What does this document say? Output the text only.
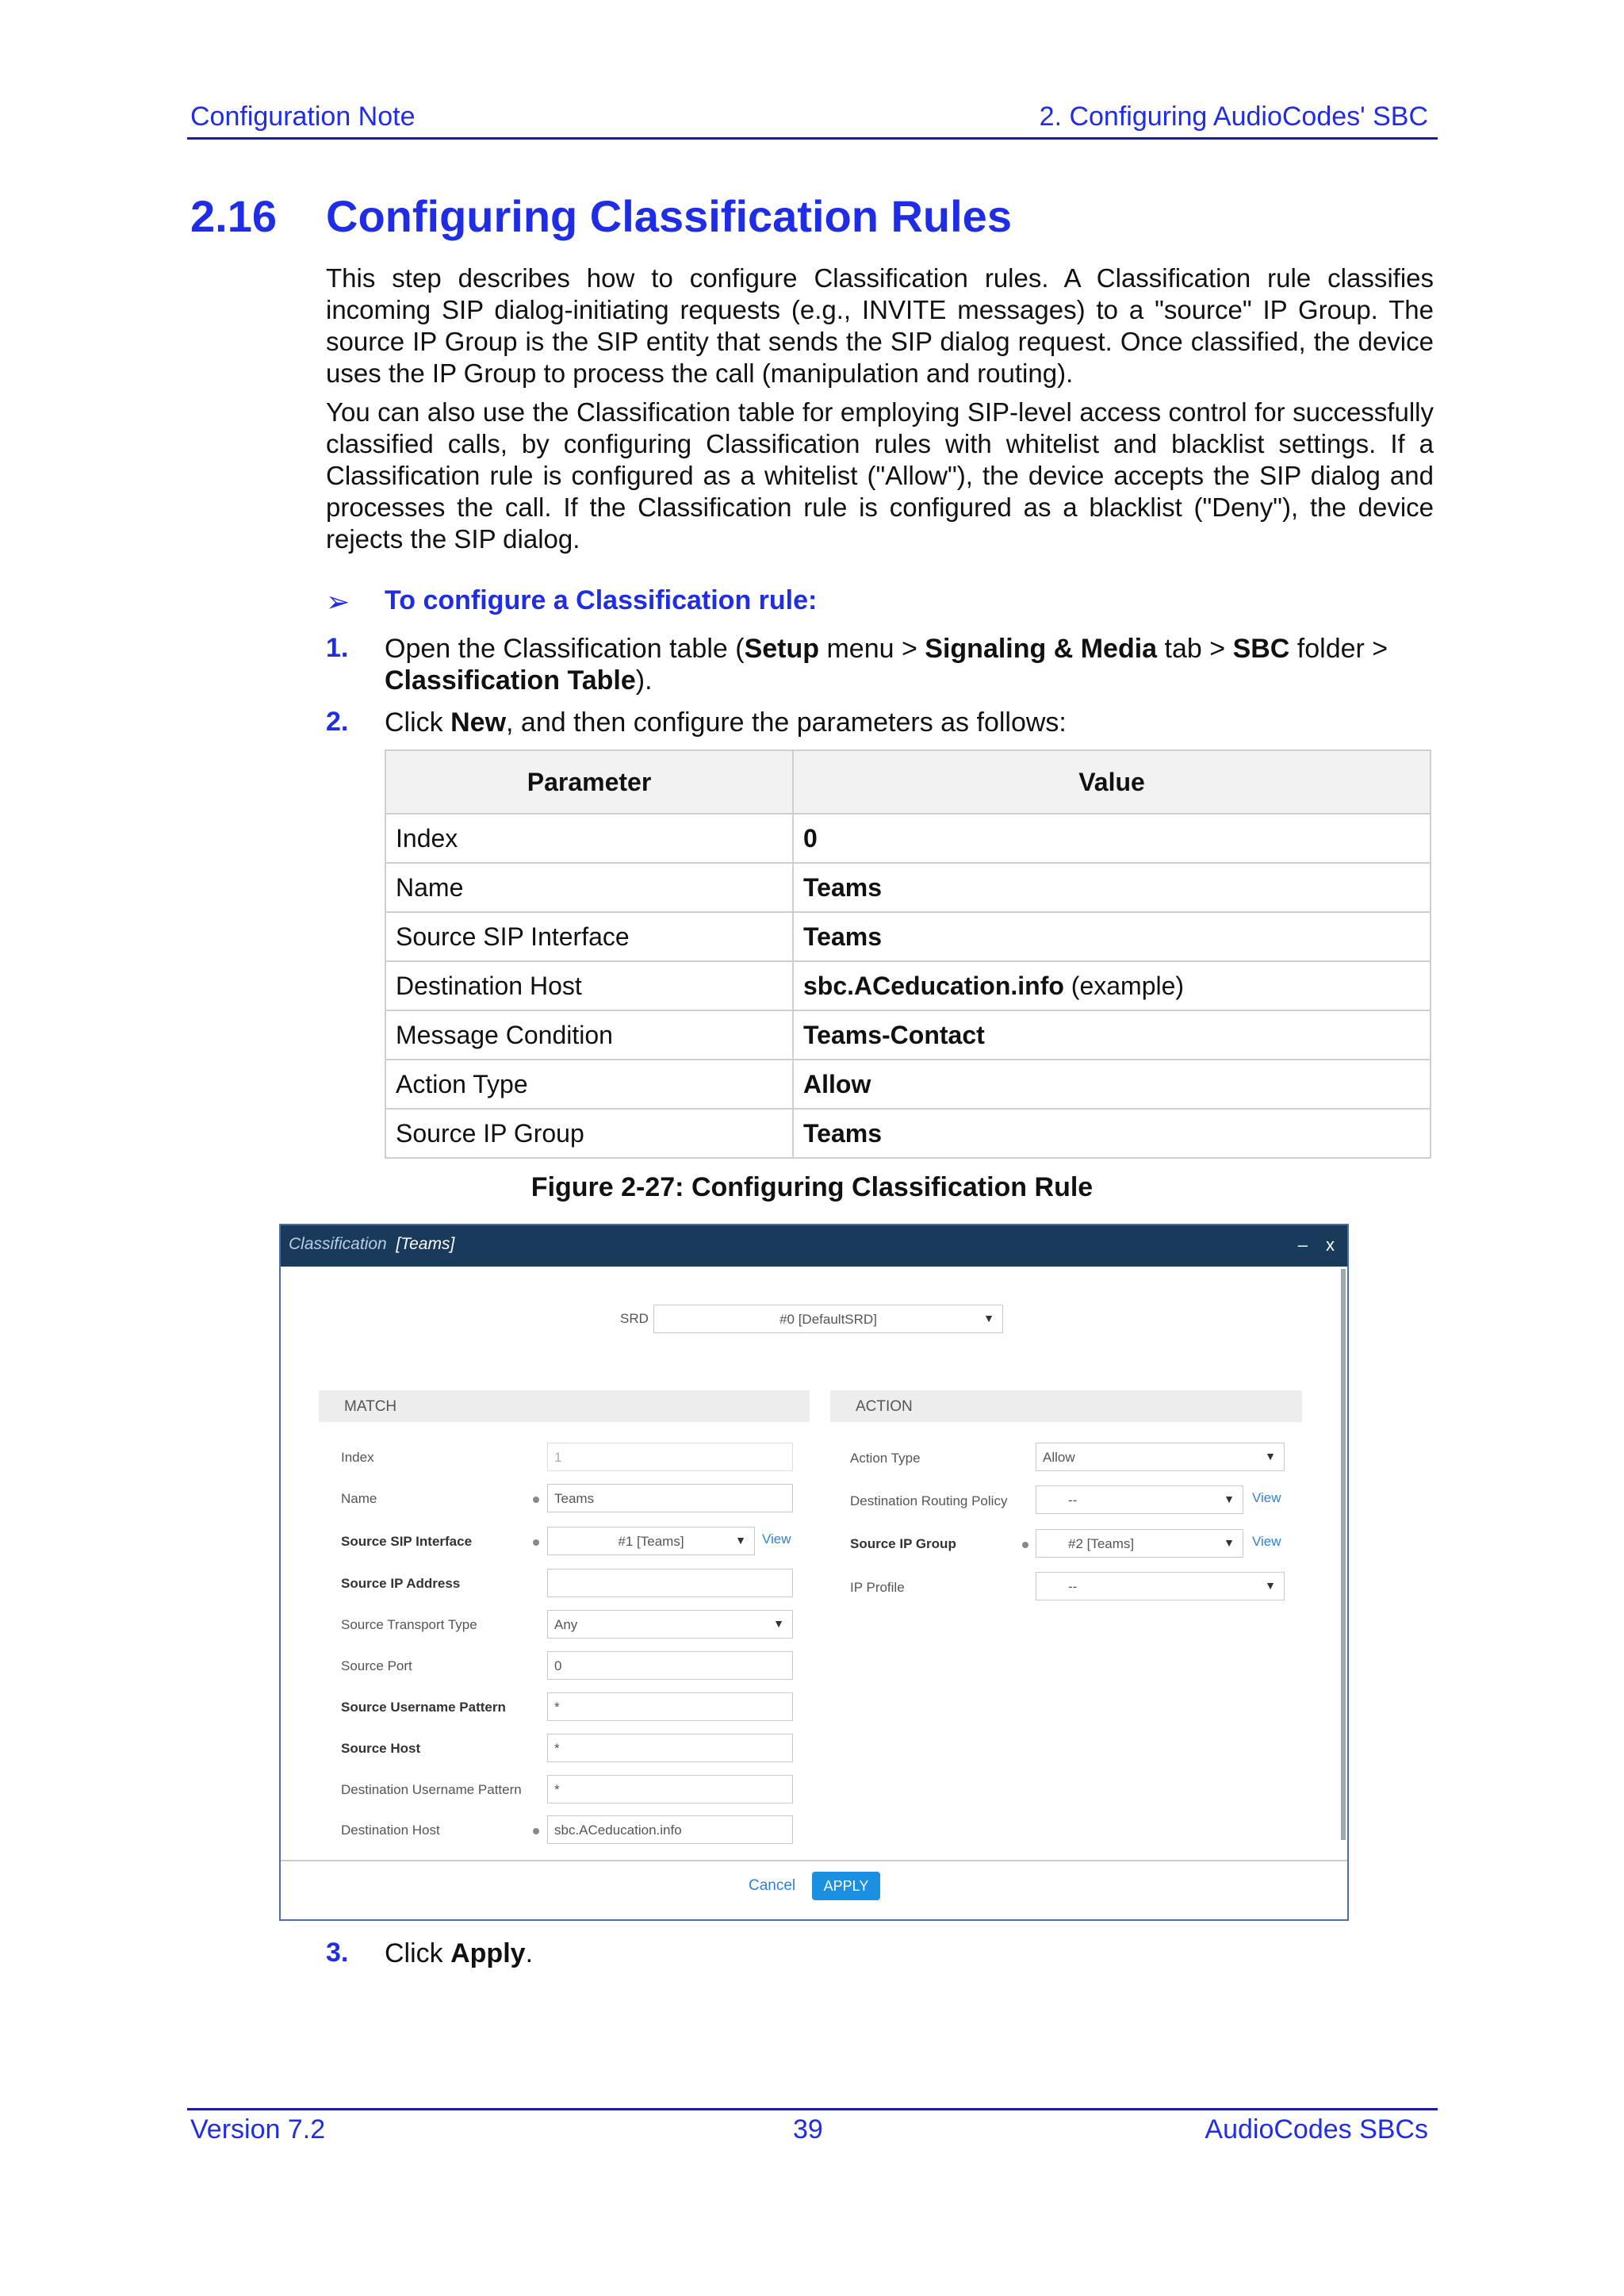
Configuration Note	2. Configuring AudioCodes' SBC
2.16 Configuring Classification Rules
This step describes how to configure Classification rules. A Classification rule classifies incoming SIP dialog-initiating requests (e.g., INVITE messages) to a "source" IP Group. The source IP Group is the SIP entity that sends the SIP dialog request. Once classified, the device uses the IP Group to process the call (manipulation and routing).
You can also use the Classification table for employing SIP-level access control for successfully classified calls, by configuring Classification rules with whitelist and blacklist settings. If a Classification rule is configured as a whitelist ("Allow"), the device accepts the SIP dialog and processes the call. If the Classification rule is configured as a blacklist ("Deny"), the device rejects the SIP dialog.
➢ To configure a Classification rule:
1. Open the Classification table (Setup menu > Signaling & Media tab > SBC folder > Classification Table).
2. Click New, and then configure the parameters as follows:
Parameter	Value
Index	0
Name	Teams
Source SIP Interface	Teams
Destination Host	sbc.ACeducation.info (example)
Message Condition	Teams-Contact
Action Type	Allow
Source IP Group	Teams
Figure 2-27: Configuring Classification Rule
Classification [Teams]	– x
SRD	#0 [DefaultSRD]	▼
MATCH	ACTION
Index	1
Name	Teams
Source SIP Interface	#1 [Teams]	▼ View
Source IP Address
Source Transport Type	Any	▼
Source Port	0
Source Username Pattern	*
Source Host	*
Destination Username Pattern	*
Destination Host	sbc.ACeducation.info
Action Type	Allow	▼
Destination Routing Policy	--	▼ View
Source IP Group	#2 [Teams]	▼ View
IP Profile	--	▼
Cancel	APPLY
3. Click Apply.
Version 7.2	39	AudioCodes SBCs
